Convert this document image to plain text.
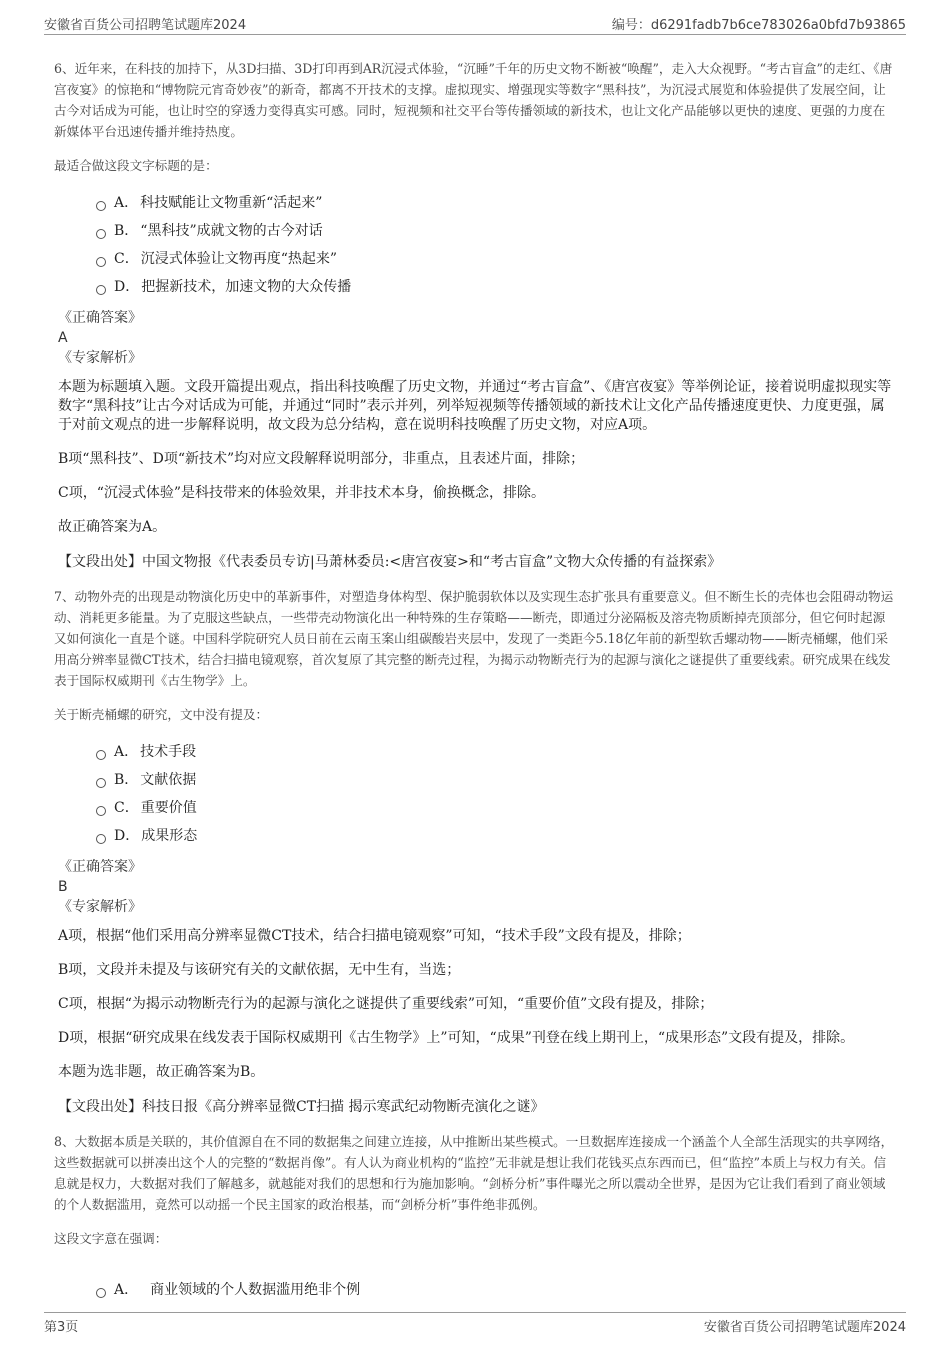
安徽省百货公司招聘笔试题库2024	编号：d6291fadb7b6ce783026a0bfd7b93865

6、近年来，在科技的加持下，从3D扫描、3D打印再到AR沉浸式体验，“沉睡”千年的历史文物不断被“唤醒”，走入大众视野。“考古盲盒”的走红、《唐宫夜宴》的惊艳和“博物院元宵奇妙夜”的新奇，都离不开技术的支撑。虚拟现实、增强现实等数字“黑科技”，为沉浸式展览和体验提供了发展空间，让古今对话成为可能，也让时空的穿透力变得真实可感。同时，短视频和社交平台等传播领域的新技术，也让文化产品能够以更快的速度、更强的力度在新媒体平台迅速传播并维持热度。

最适合做这段文字标题的是：

A． 科技赋能让文物重新“活起来”
B． “黑科技”成就文物的古今对话
C． 沉浸式体验让文物再度“热起来”
D． 把握新技术，加速文物的大众传播

《正确答案》

A

《专家解析》

本题为标题填入题。文段开篇提出观点，指出科技唤醒了历史文物，并通过“考古盲盒”、《唐宫夜宴》等举例论证，接着说明虚拟现实等数字“黑科技”让古今对话成为可能，并通过“同时”表示并列，列举短视频等传播领域的新技术让文化产品传播速度更快、力度更强，属于对前文观点的进一步解释说明，故文段为总分结构，意在说明科技唤醒了历史文物，对应A项。

B项“黑科技”、D项“新技术”均对应文段解释说明部分，非重点，且表述片面，排除；

C项，“沉浸式体验”是科技带来的体验效果，并非技术本身，偷换概念，排除。

故正确答案为A。

【文段出处】中国文物报《代表委员专访|马萧林委员:<唐宫夜宴>和“考古盲盒”文物大众传播的有益探索》

7、动物外壳的出现是动物演化历史中的革新事件，对塑造身体构型、保护脆弱软体以及实现生态扩张具有重要意义。但不断生长的壳体也会阻碍动物运动、消耗更多能量。为了克服这些缺点，一些带壳动物演化出一种特殊的生存策略——断壳，即通过分泌隔板及溶壳物质断掉壳顶部分，但它何时起源又如何演化一直是个谜。中国科学院研究人员日前在云南玉案山组碳酸岩夹层中，发现了一类距今5.18亿年前的新型软舌螺动物——断壳桶螺，他们采用高分辨率显微CT技术，结合扫描电镜观察，首次复原了其完整的断壳过程，为揭示动物断壳行为的起源与演化之谜提供了重要线索。研究成果在线发表于国际权威期刊《古生物学》上。

关于断壳桶螺的研究，文中没有提及：

A． 技术手段
B． 文献依据
C． 重要价值
D． 成果形态

《正确答案》

B

《专家解析》

A项，根据“他们采用高分辨率显微CT技术，结合扫描电镜观察”可知，“技术手段”文段有提及，排除；

B项，文段并未提及与该研究有关的文献依据，无中生有，当选；

C项，根据“为揭示动物断壳行为的起源与演化之谜提供了重要线索”可知，“重要价值”文段有提及，排除；

D项，根据“研究成果在线发表于国际权威期刊《古生物学》上”可知，“成果”刊登在线上期刊上，“成果形态”文段有提及，排除。

本题为选非题，故正确答案为B。

【文段出处】科技日报《高分辨率显微CT扫描 揭示寒武纪动物断壳演化之谜》

8、大数据本质是关联的，其价值源自在不同的数据集之间建立连接，从中推断出某些模式。一旦数据库连接成一个涵盖个人全部生活现实的共享网络，这些数据就可以拼凑出这个人的完整的“数据肖像”。有人认为商业机构的“监控”无非就是想让我们花钱买点东西而已，但“监控”本质上与权力有关。信息就是权力，大数据对我们了解越多，就越能对我们的思想和行为施加影响。“剑桥分析”事件曝光之所以震动全世界，是因为它让我们看到了商业领域的个人数据滥用，竟然可以动摇一个民主国家的政治根基，而“剑桥分析”事件绝非孤例。

这段文字意在强调：

A． 商业领域的个人数据滥用绝非个例
第3页	安徽省百货公司招聘笔试题库2024
